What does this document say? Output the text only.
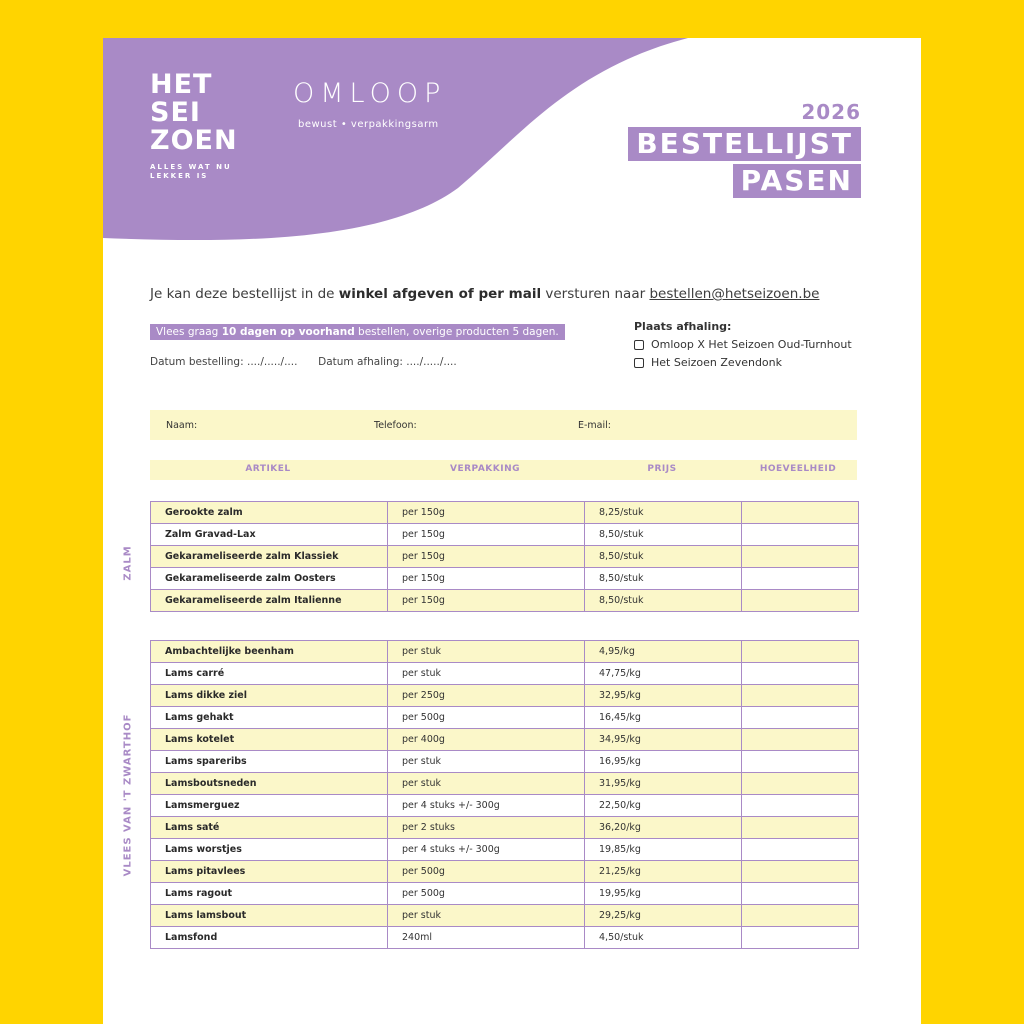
HET
SEI
ZOEN
ALLES WAT NU
LEKKER IS
OMLOOP
bewust • verpakkingsarm
2026
BESTELLIJST
PASEN
Je kan deze bestellijst in de winkel afgeven of per mail versturen naar bestellen@hetseizoen.be
Vlees graag 10 dagen op voorhand bestellen, overige producten 5 dagen.
Datum bestelling: ..../...../.... Datum afhaling: ..../...../....
Plaats afhaling:
Omloop X Het Seizoen Oud-Turnhout
Het Seizoen Zevendonk
Naam:	Telefoon:	E-mail:
ARTIKEL	VERPAKKING	PRIJS	HOEVEELHEID
ZALM
Gerookte zalm	per 150g	8,25/stuk	
Zalm Gravad-Lax	per 150g	8,50/stuk	
Gekarameliseerde zalm Klassiek	per 150g	8,50/stuk	
Gekarameliseerde zalm Oosters	per 150g	8,50/stuk	
Gekarameliseerde zalm Italienne	per 150g	8,50/stuk	
VLEES VAN 'T ZWARTHOF
Ambachtelijke beenham	per stuk	4,95/kg	
Lams carré	per stuk	47,75/kg	
Lams dikke ziel	per 250g	32,95/kg	
Lams gehakt	per 500g	16,45/kg	
Lams kotelet	per 400g	34,95/kg	
Lams spareribs	per stuk	16,95/kg	
Lamsboutsneden	per stuk	31,95/kg	
Lamsmerguez	per 4 stuks +/- 300g	22,50/kg	
Lams saté	per 2 stuks	36,20/kg	
Lams worstjes	per 4 stuks +/- 300g	19,85/kg	
Lams pitavlees	per 500g	21,25/kg	
Lams ragout	per 500g	19,95/kg	
Lams lamsbout	per stuk	29,25/kg	
Lamsfond	240ml	4,50/stuk	
